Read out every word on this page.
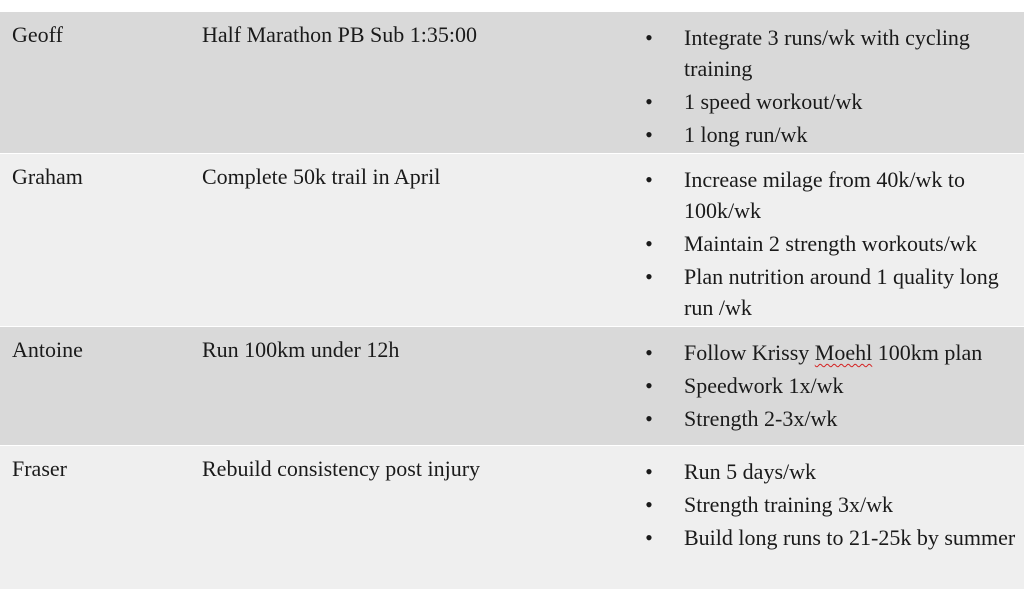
Geoff	Half Marathon PB Sub 1:35:00	• Integrate 3 runs/wk with cycling training
• 1 speed workout/wk
• 1 long run/wk
Graham	Complete 50k trail in April	• Increase milage from 40k/wk to 100k/wk
• Maintain 2 strength workouts/wk
• Plan nutrition around 1 quality long run /wk
Antoine	Run 100km under 12h	• Follow Krissy Moehl 100km plan
• Speedwork 1x/wk
• Strength 2-3x/wk
Fraser	Rebuild consistency post injury	• Run 5 days/wk
• Strength training 3x/wk
• Build long runs to 21-25k by summer
